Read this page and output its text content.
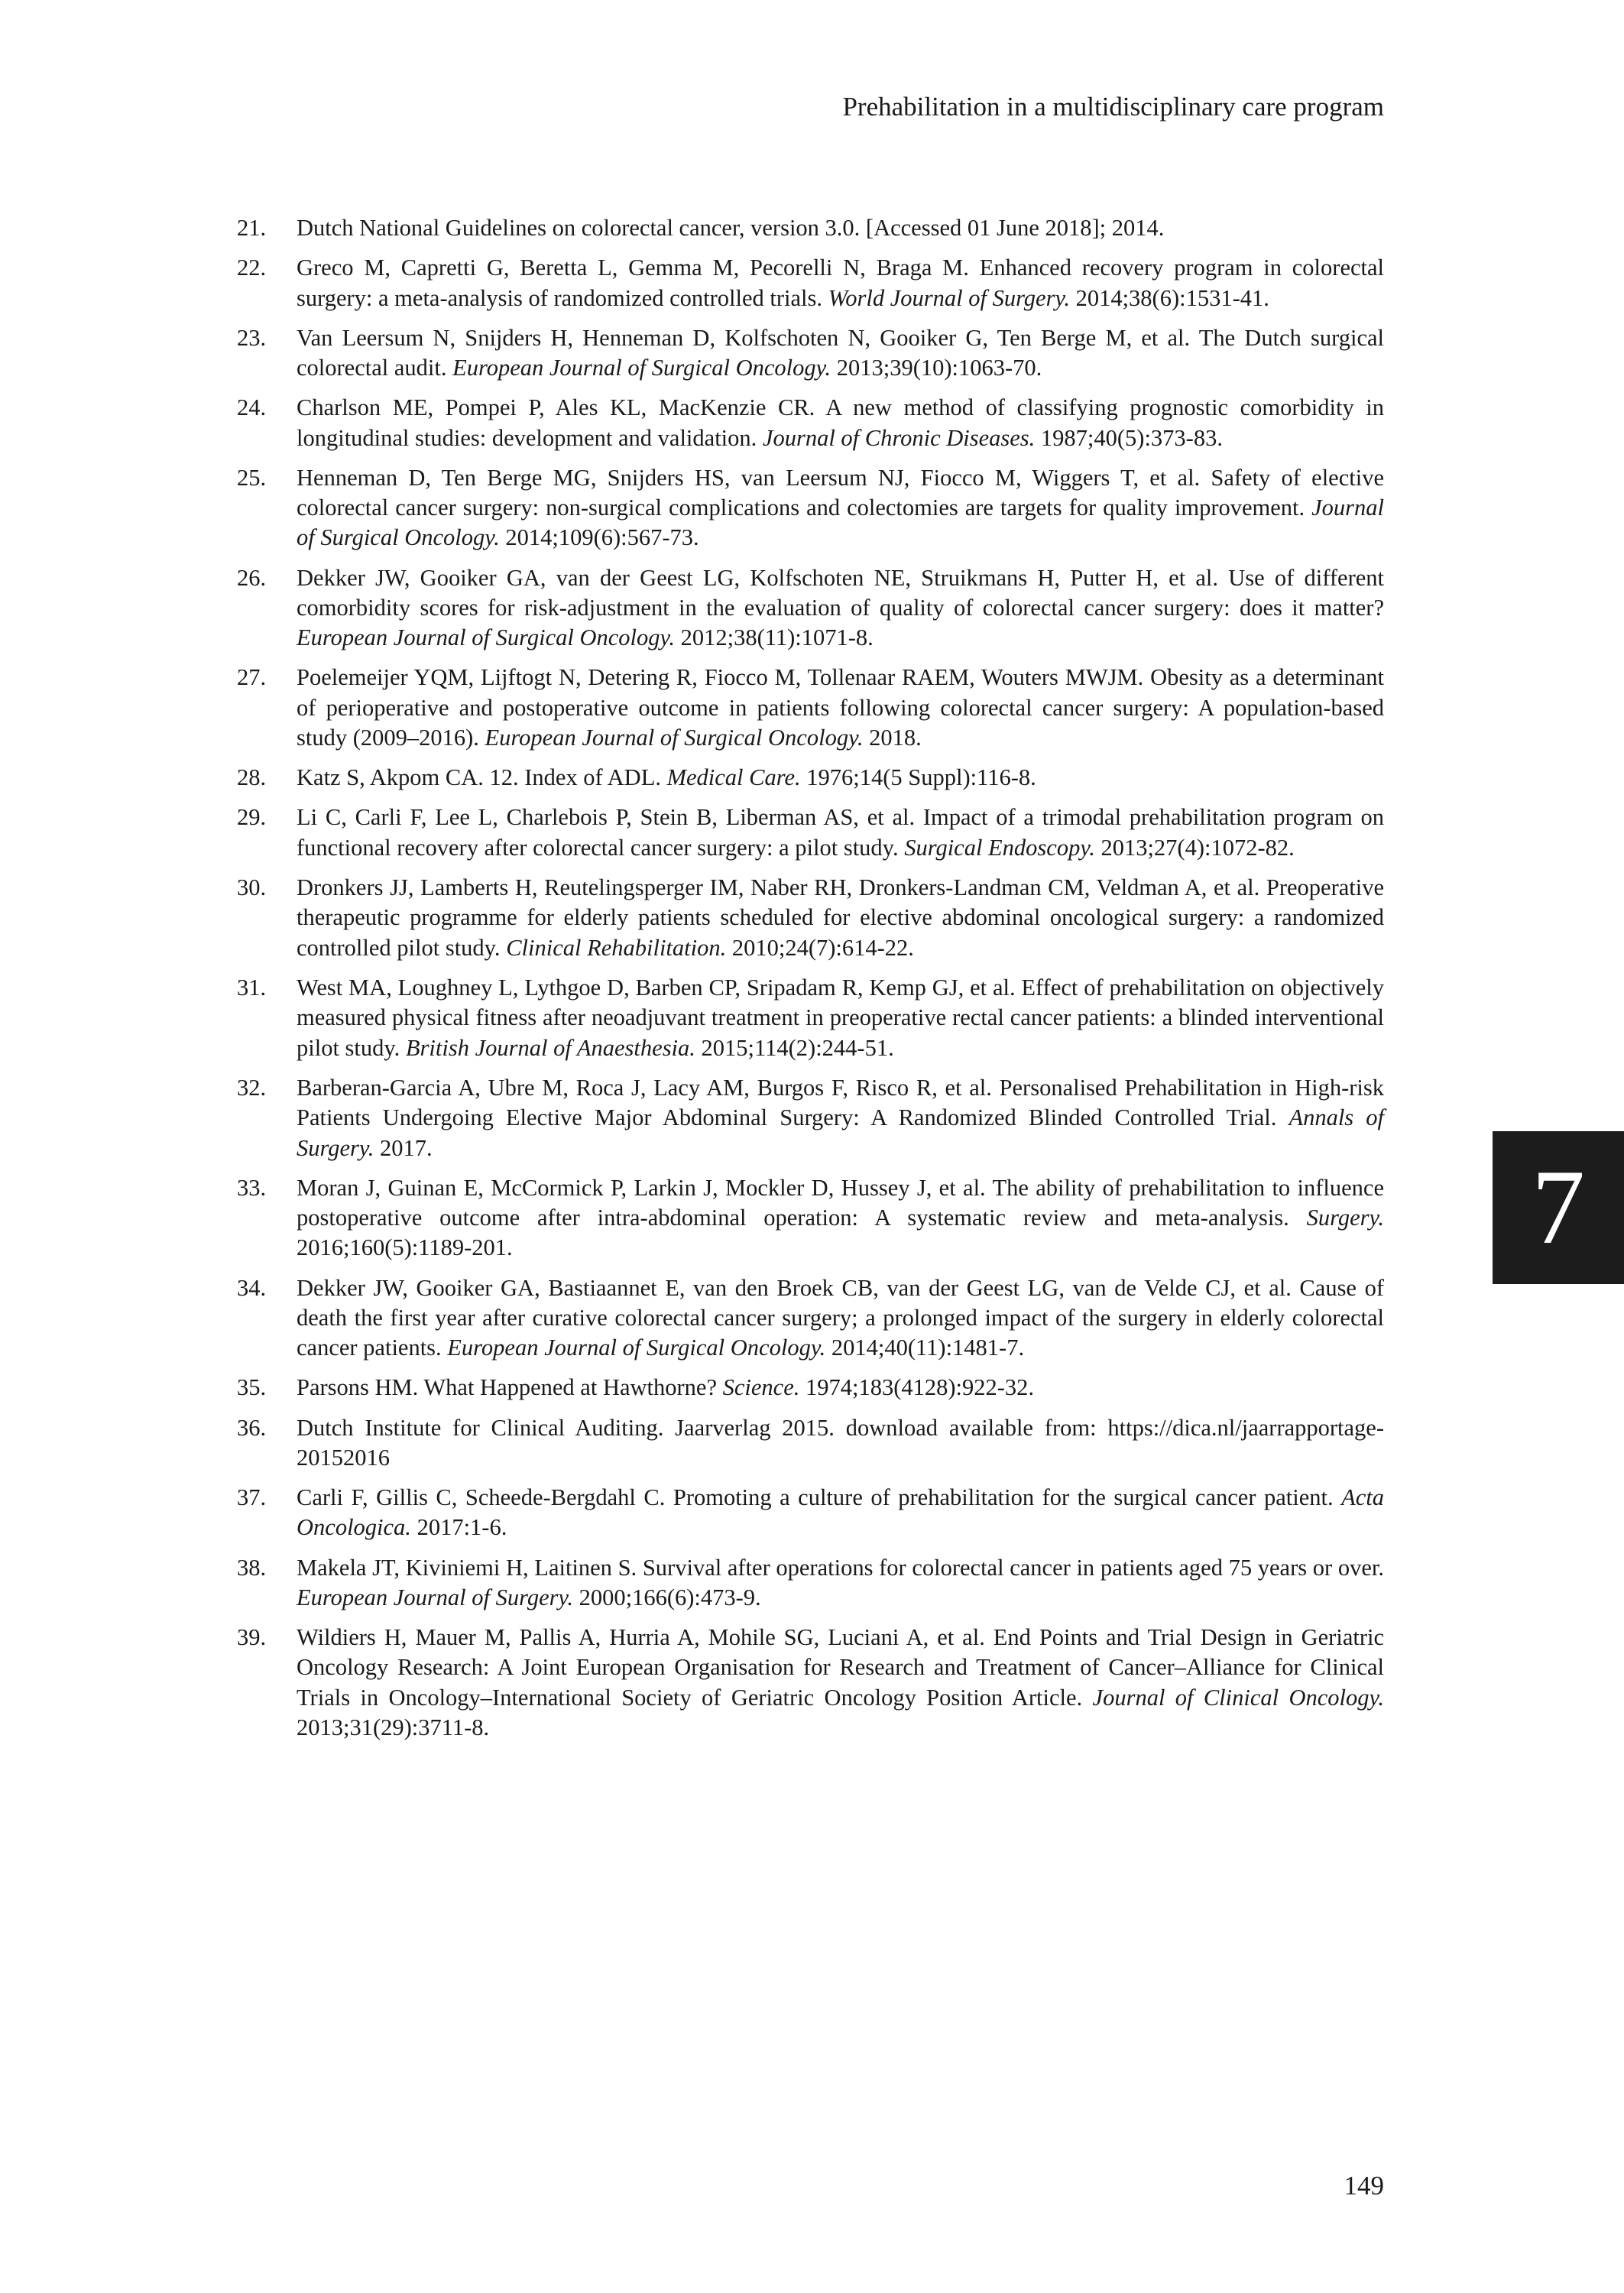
Prehabilitation in a multidisciplinary care program
21.	Dutch National Guidelines on colorectal cancer, version 3.0. [Accessed 01 June 2018]; 2014.
22.	Greco M, Capretti G, Beretta L, Gemma M, Pecorelli N, Braga M. Enhanced recovery program in colorectal surgery: a meta-analysis of randomized controlled trials. World Journal of Surgery. 2014;38(6):1531-41.
23.	Van Leersum N, Snijders H, Henneman D, Kolfschoten N, Gooiker G, Ten Berge M, et al. The Dutch surgical colorectal audit. European Journal of Surgical Oncology. 2013;39(10):1063-70.
24.	Charlson ME, Pompei P, Ales KL, MacKenzie CR. A new method of classifying prognostic comorbidity in longitudinal studies: development and validation. Journal of Chronic Diseases. 1987;40(5):373-83.
25.	Henneman D, Ten Berge MG, Snijders HS, van Leersum NJ, Fiocco M, Wiggers T, et al. Safety of elective colorectal cancer surgery: non-surgical complications and colectomies are targets for quality improvement. Journal of Surgical Oncology. 2014;109(6):567-73.
26.	Dekker JW, Gooiker GA, van der Geest LG, Kolfschoten NE, Struikmans H, Putter H, et al. Use of different comorbidity scores for risk-adjustment in the evaluation of quality of colorectal cancer surgery: does it matter? European Journal of Surgical Oncology. 2012;38(11):1071-8.
27.	Poelemeijer YQM, Lijftogt N, Detering R, Fiocco M, Tollenaar RAEM, Wouters MWJM. Obesity as a determinant of perioperative and postoperative outcome in patients following colorectal cancer surgery: A population-based study (2009–2016). European Journal of Surgical Oncology. 2018.
28.	Katz S, Akpom CA. 12. Index of ADL. Medical Care. 1976;14(5 Suppl):116-8.
29.	Li C, Carli F, Lee L, Charlebois P, Stein B, Liberman AS, et al. Impact of a trimodal prehabilitation program on functional recovery after colorectal cancer surgery: a pilot study. Surgical Endoscopy. 2013;27(4):1072-82.
30.	Dronkers JJ, Lamberts H, Reutelingsperger IM, Naber RH, Dronkers-Landman CM, Veldman A, et al. Preoperative therapeutic programme for elderly patients scheduled for elective abdominal oncological surgery: a randomized controlled pilot study. Clinical Rehabilitation. 2010;24(7):614-22.
31.	West MA, Loughney L, Lythgoe D, Barben CP, Sripadam R, Kemp GJ, et al. Effect of prehabilitation on objectively measured physical fitness after neoadjuvant treatment in preoperative rectal cancer patients: a blinded interventional pilot study. British Journal of Anaesthesia. 2015;114(2):244-51.
32.	Barberan-Garcia A, Ubre M, Roca J, Lacy AM, Burgos F, Risco R, et al. Personalised Prehabilitation in High-risk Patients Undergoing Elective Major Abdominal Surgery: A Randomized Blinded Controlled Trial. Annals of Surgery. 2017.
33.	Moran J, Guinan E, McCormick P, Larkin J, Mockler D, Hussey J, et al. The ability of prehabilitation to influence postoperative outcome after intra-abdominal operation: A systematic review and meta-analysis. Surgery. 2016;160(5):1189-201.
34.	Dekker JW, Gooiker GA, Bastiaannet E, van den Broek CB, van der Geest LG, van de Velde CJ, et al. Cause of death the first year after curative colorectal cancer surgery; a prolonged impact of the surgery in elderly colorectal cancer patients. European Journal of Surgical Oncology. 2014;40(11):1481-7.
35.	Parsons HM. What Happened at Hawthorne? Science. 1974;183(4128):922-32.
36.	Dutch Institute for Clinical Auditing. Jaarverlag 2015. download available from: https://dica.nl/jaarrapportage-20152016
37.	Carli F, Gillis C, Scheede-Bergdahl C. Promoting a culture of prehabilitation for the surgical cancer patient. Acta Oncologica. 2017:1-6.
38.	Makela JT, Kiviniemi H, Laitinen S. Survival after operations for colorectal cancer in patients aged 75 years or over. European Journal of Surgery. 2000;166(6):473-9.
39.	Wildiers H, Mauer M, Pallis A, Hurria A, Mohile SG, Luciani A, et al. End Points and Trial Design in Geriatric Oncology Research: A Joint European Organisation for Research and Treatment of Cancer–Alliance for Clinical Trials in Oncology–International Society of Geriatric Oncology Position Article. Journal of Clinical Oncology. 2013;31(29):3711-8.
7
149
